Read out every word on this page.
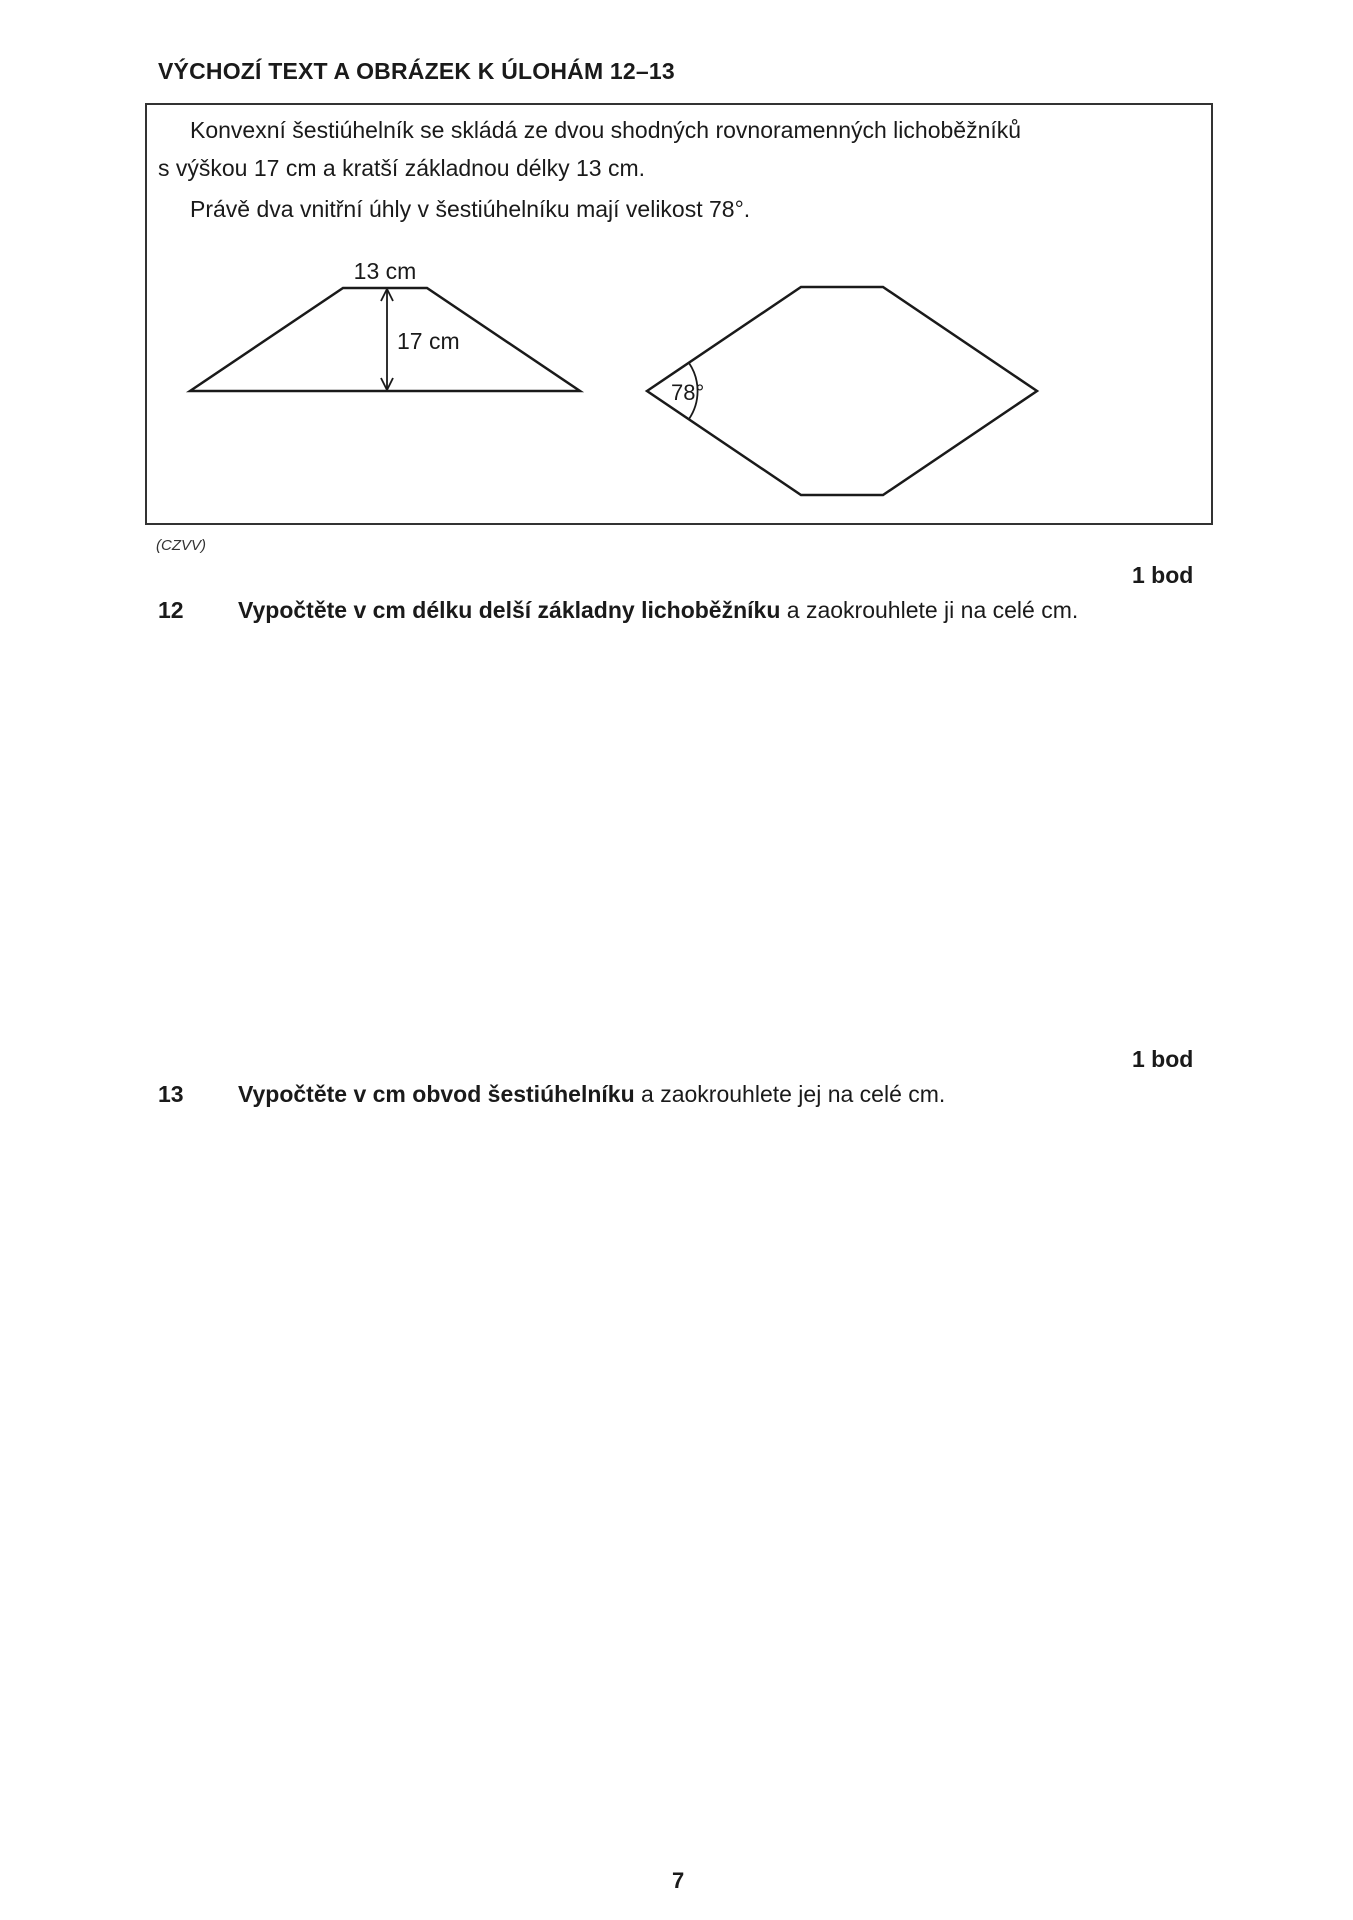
VÝCHOZÍ TEXT A OBRÁZEK K ÚLOHÁM 12–13

Konvexní šestiúhelník se skládá ze dvou shodných rovnoramenných lichoběžníků

s výškou 17 cm a kratší základnou délky 13 cm.

Právě dva vnitřní úhly v šestiúhelníku mají velikost 78°.

13 cm
17 cm
78°
(CZVV)
1 bod
12 Vypočtěte v cm délku delší základny lichoběžníku a zaokrouhlete ji na celé cm.
1 bod
13 Vypočtěte v cm obvod šestiúhelníku a zaokrouhlete jej na celé cm.
7
